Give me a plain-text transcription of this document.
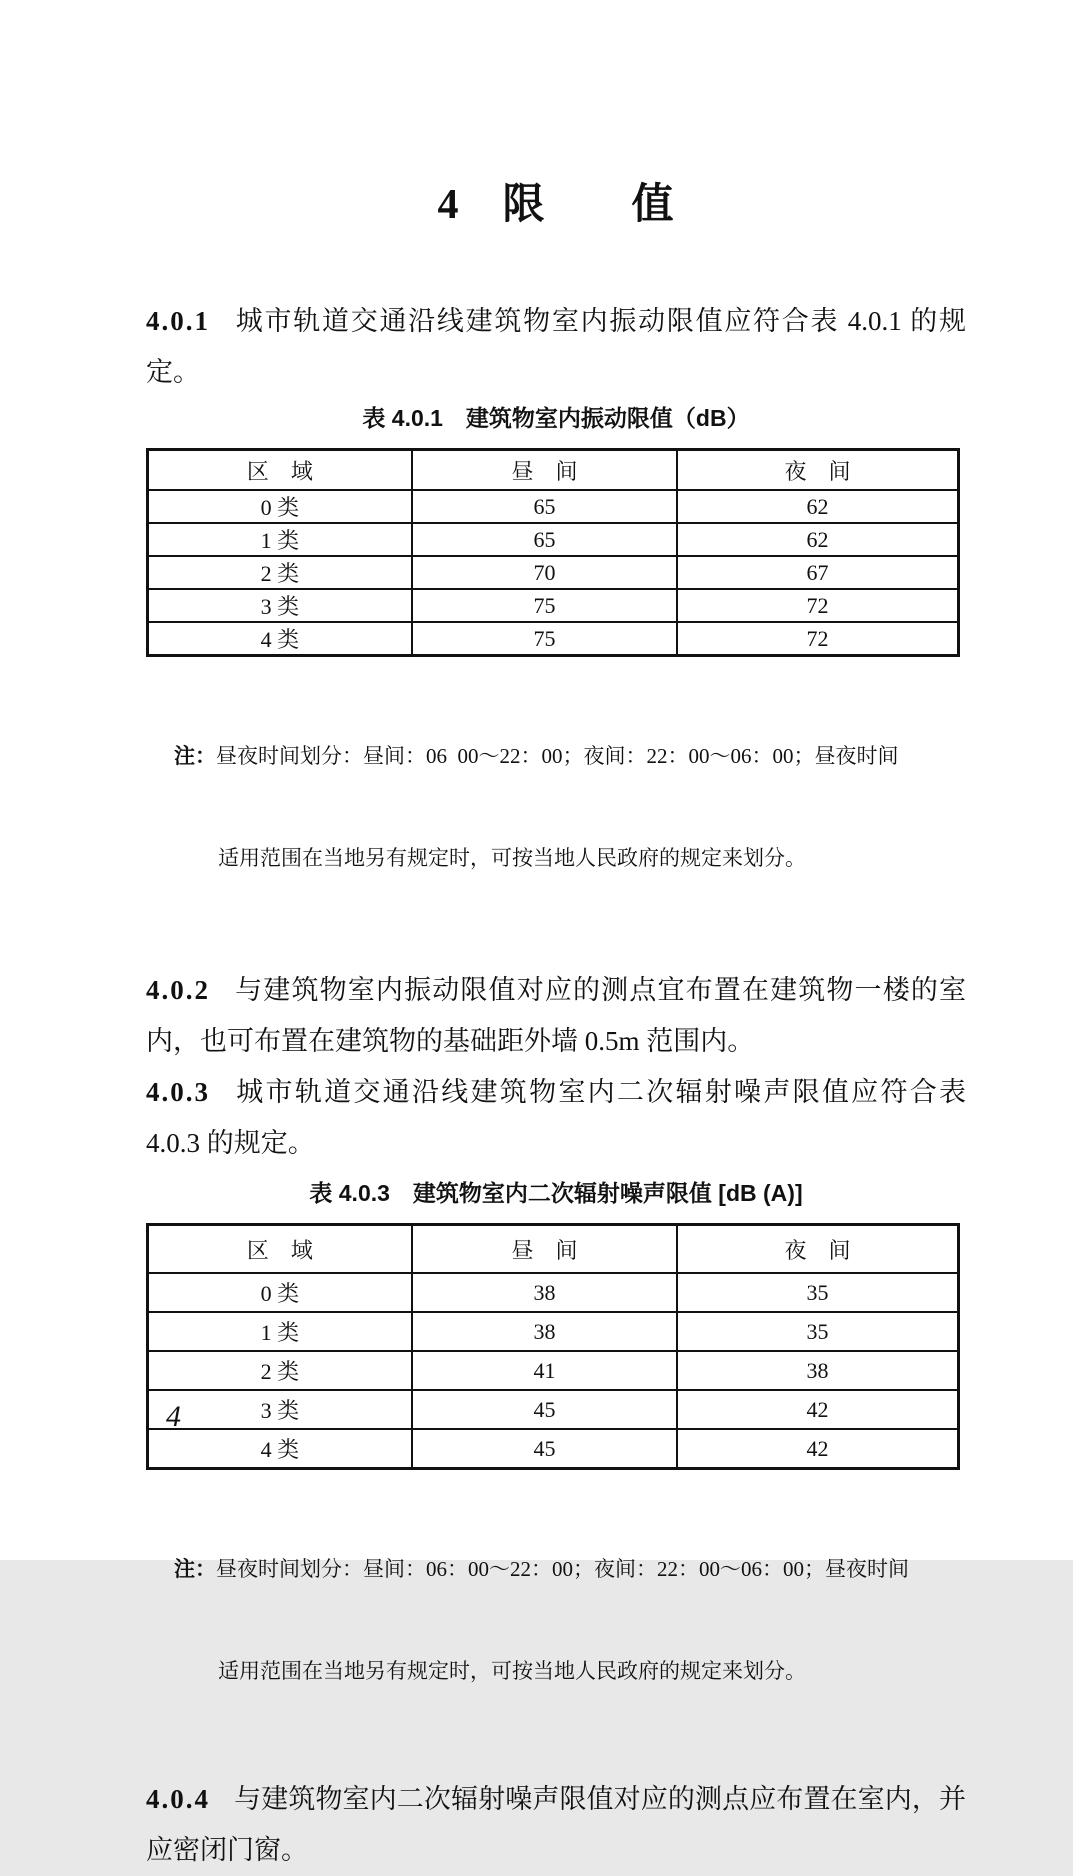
4　限　　值

4.0.1 城市轨道交通沿线建筑物室内振动限值应符合表 4.0.1 的规定。

表 4.0.1　建筑物室内振动限值（dB）
区　域	昼　间	夜　间
0 类	65	62
1 类	65	62
2 类	70	67
3 类	75	72
4 类	75	72

注：昼夜时间划分：昼间：06  00～22：00；夜间：22：00～06：00；昼夜时间

适用范围在当地另有规定时，可按当地人民政府的规定来划分。

4.0.2 与建筑物室内振动限值对应的测点宜布置在建筑物一楼的室内，也可布置在建筑物的基础距外墙 0.5m 范围内。

4.0.3 城市轨道交通沿线建筑物室内二次辐射噪声限值应符合表 4.0.3 的规定。

表 4.0.3　建筑物室内二次辐射噪声限值 [dB (A)]
区　域	昼　间	夜　间
0 类	38	35
1 类	38	35
2 类	41	38
3 类	45	42
4 类	45	42

注：昼夜时间划分：昼间：06：00～22：00；夜间：22：00～06：00；昼夜时间

适用范围在当地另有规定时，可按当地人民政府的规定来划分。

4.0.4 与建筑物室内二次辐射噪声限值对应的测点应布置在室内，并应密闭门窗。

4
